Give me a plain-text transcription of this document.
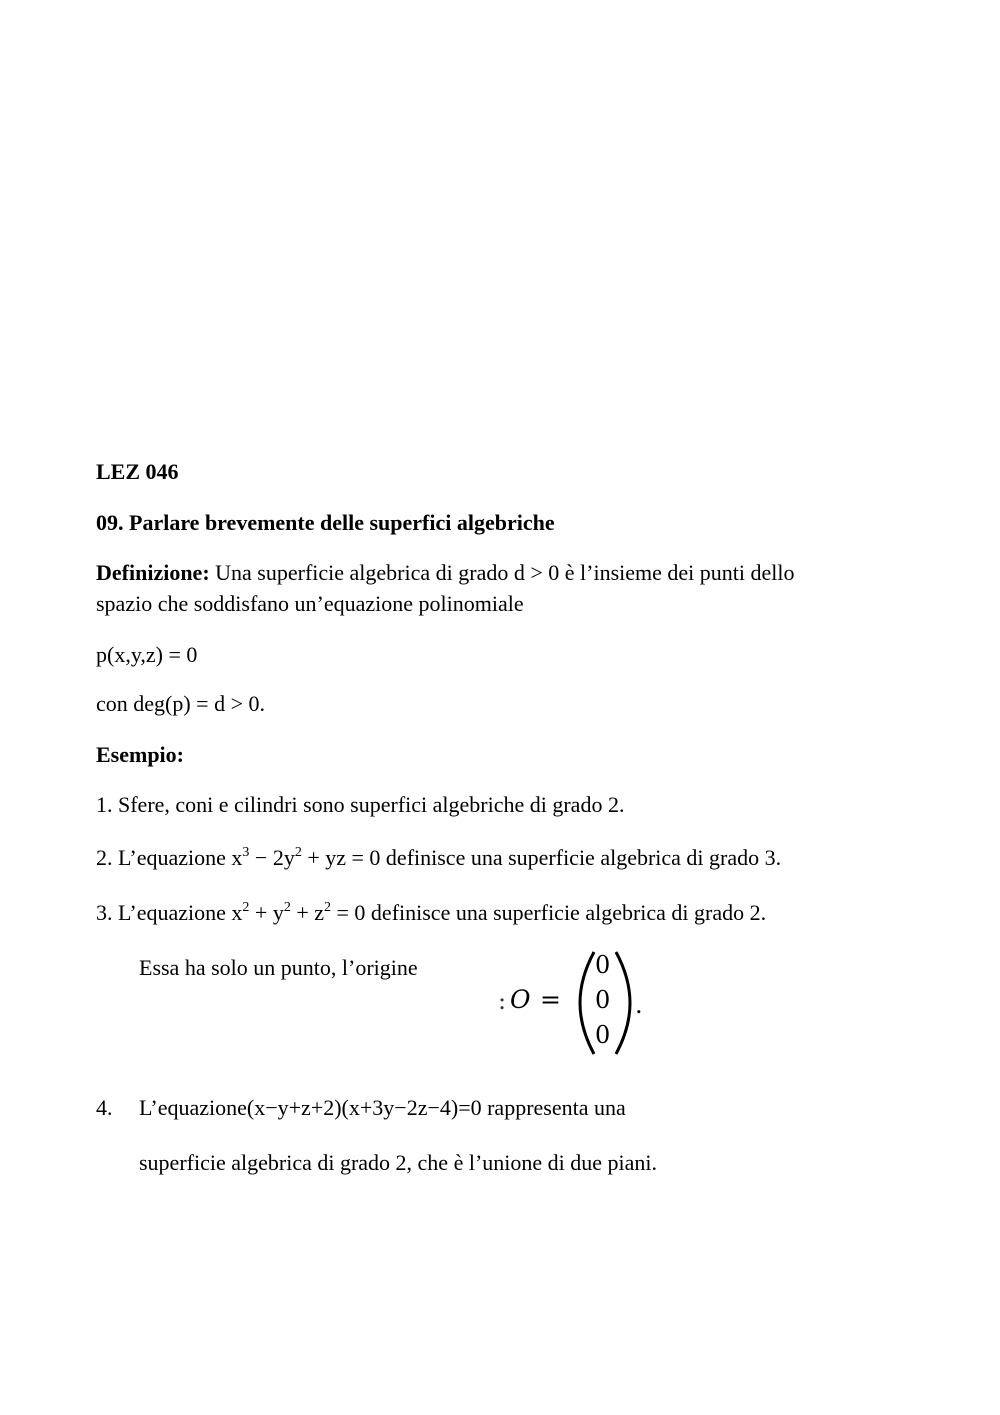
LEZ 046
09. Parlare brevemente delle superfici algebriche
Definizione: Una superficie algebrica di grado d > 0 è l’insieme dei punti dello
spazio che soddisfano un’equazione polinomiale
p(x,y,z) = 0
con deg(p) = d > 0.
Esempio:
1. Sfere, coni e cilindri sono superfici algebriche di grado 2.
2. L’equazione $x^3 - 2y^2$ + yz = 0 definisce una superficie algebrica di grado 3.
3. L’equazione $x^2 + y^2 + z^2 = 0$ definisce una superficie algebrica di grado 2.
Essa ha solo un punto, l’origine
: O =
0
0
0
.
4. L’equazione(x−y+z+2)(x+3y−2z−4)=0 rappresenta una
superficie algebrica di grado 2, che è l’unione di due piani.
